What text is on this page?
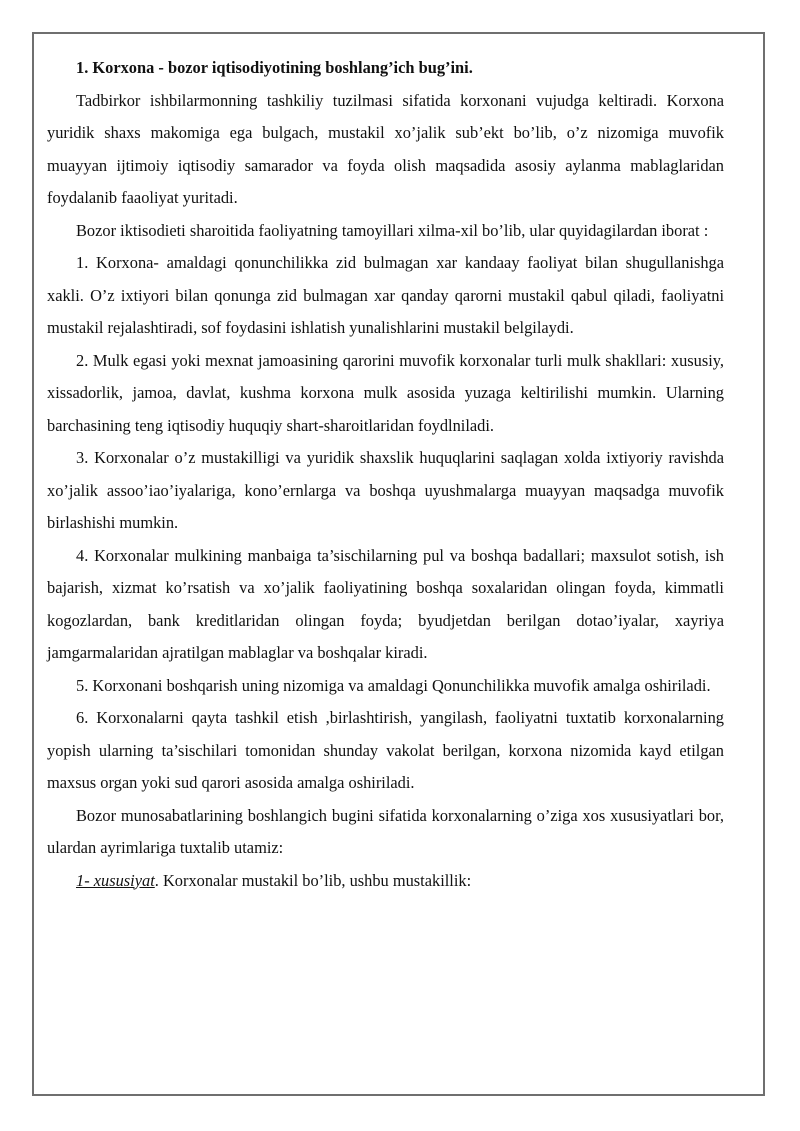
1. Korxona - bozor iqtisodiyotining boshlang’ich bug’ini.

Tadbirkor ishbilarmonning tashkiliy tuzilmasi sifatida korxonani vujudga keltiradi. Korxona yuridik shaxs makomiga ega bulgach, mustakil xo’jalik sub’ekt bo’lib, o’z nizomiga muvofik muayyan ijtimoiy iqtisodiy samarador va foyda olish maqsadida asosiy aylanma mablaglaridan foydalanib faaoliyat yuritadi.

Bozor iktisodieti sharoitida faoliyatning tamoyillari xilma-xil bo’lib, ular quyidagilardan iborat :

1. Korxona- amaldagi qonunchilikka zid bulmagan xar kandaay faoliyat bilan shugullanishga xakli. O’z ixtiyori bilan qonunga zid bulmagan xar qanday qarorni mustakil qabul qiladi, faoliyatni mustakil rejalashtiradi, sof foydasini ishlatish yunalishlarini mustakil belgilaydi.

2. Mulk egasi yoki mexnat jamoasining qarorini muvofik korxonalar turli mulk shakllari: xususiy, xissadorlik, jamoa, davlat, kushma korxona mulk asosida yuzaga keltirilishi mumkin. Ularning barchasining teng iqtisodiy huquqiy shart-sharoitlaridan foydlniladi.

3. Korxonalar o’z mustakilligi va yuridik shaxslik huquqlarini saqlagan xolda ixtiyoriy ravishda xo’jalik assoo’iao’iyalariga, kono’ernlarga va boshqa uyushmalarga muayyan maqsadga muvofik birlashishi mumkin.

4. Korxonalar mulkining manbaiga ta’sischilarning pul va boshqa badallari; maxsulot sotish, ish bajarish, xizmat ko’rsatish va xo’jalik faoliyatining boshqa soxalaridan olingan foyda, kimmatli kogozlardan, bank kreditlaridan olingan foyda; byudjetdan berilgan dotao’iyalar, xayriya jamgarmalaridan ajratilgan mablaglar va boshqalar kiradi.

5. Korxonani boshqarish uning nizomiga va amaldagi Qonunchilikka muvofik amalga oshiriladi.

6. Korxonalarni qayta tashkil etish ,birlashtirish, yangilash, faoliyatni tuxtatib korxonalarning yopish ularning ta’sischilari tomonidan shunday vakolat berilgan, korxona nizomida kayd etilgan maxsus organ yoki sud qarori asosida amalga oshiriladi.

Bozor munosabatlarining boshlangich bugini sifatida korxonalarning o’ziga xos xususiyatlari bor, ulardan ayrimlariga tuxtalib utamiz:

1- xususiyat. Korxonalar mustakil bo’lib, ushbu mustakillik:
